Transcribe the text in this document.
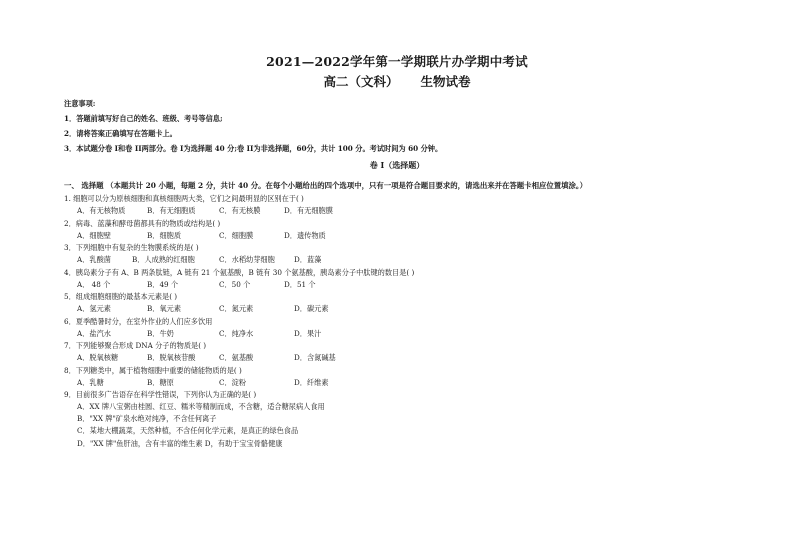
2021—2022学年第一学期联片办学期中考试
高二（文科） 生物试卷
注意事项:
1．答题前填写好自己的姓名、班级、考号等信息;
2．请将答案正确填写在答题卡上。
3．本试题分卷 I和卷 II两部分。卷 I为选择题 40 分;卷 II为非选择题，60分，共计 100 分。考试时间为 60 分钟。
卷 I（选择题）
一、 选择题 （本题共计 20 小题，每题 2 分，共计 40 分。在每个小题给出的四个选项中，只有一项是符合题目要求的，请选出来并在答题卡相应位置填涂。）
1. 细胞可以分为原核细胞和真核细胞两大类，它们之间最明显的区别在于( )
A．有无核物质	B．有无细胞质	C．有无核膜	D．有无细胞膜
2．病毒、蓝藻和酵母菌都具有的物质或结构是( )
A．细胞壁	B．细胞质	C．细胞膜	D．遗传物质
3．下列细胞中有复杂的生物膜系统的是( )
A．乳酸菌	B．人成熟的红细胞	C．水稻幼芽细胞	D．蓝藻
4．胰岛素分子有 A、B 两条肽链，A 链有 21 个氨基酸，B 链有 30 个氨基酸，胰岛素分子中肽键的数目是( )
A． 48 个	B．49 个	C．50 个	D．51 个
5．组成细胞细胞的最基本元素是( )
A．氢元素	B．氧元素	C．氮元素	D．碳元素
6．夏季酷暑时分，在室外作业的人们应多饮用
A．盐汽水	B．牛奶	C．纯净水	D．果汁
7．下列能够聚合形成 DNA 分子的物质是( )
A．脱氧核糖	B．脱氧核苷酸	C．氨基酸	D．含氮碱基
8．下列糖类中，属于植物细胞中重要的储能物质的是( )
A．乳糖	B．糖原	C．淀粉	D．纤维素
9．目前很多广告语存在科学性错误，下列你认为正确的是( )
A．XX 牌八宝粥由桂圆、红豆、糯米等精制而成，不含糖，适合糖尿病人食用
B．"XX 牌"矿泉水绝对纯净，不含任何离子
C．某地大棚蔬菜，天然种植，不含任何化学元素，是真正的绿色食品
D．"XX 牌"鱼肝油，含有丰富的维生素 D，有助于宝宝骨骼健康
